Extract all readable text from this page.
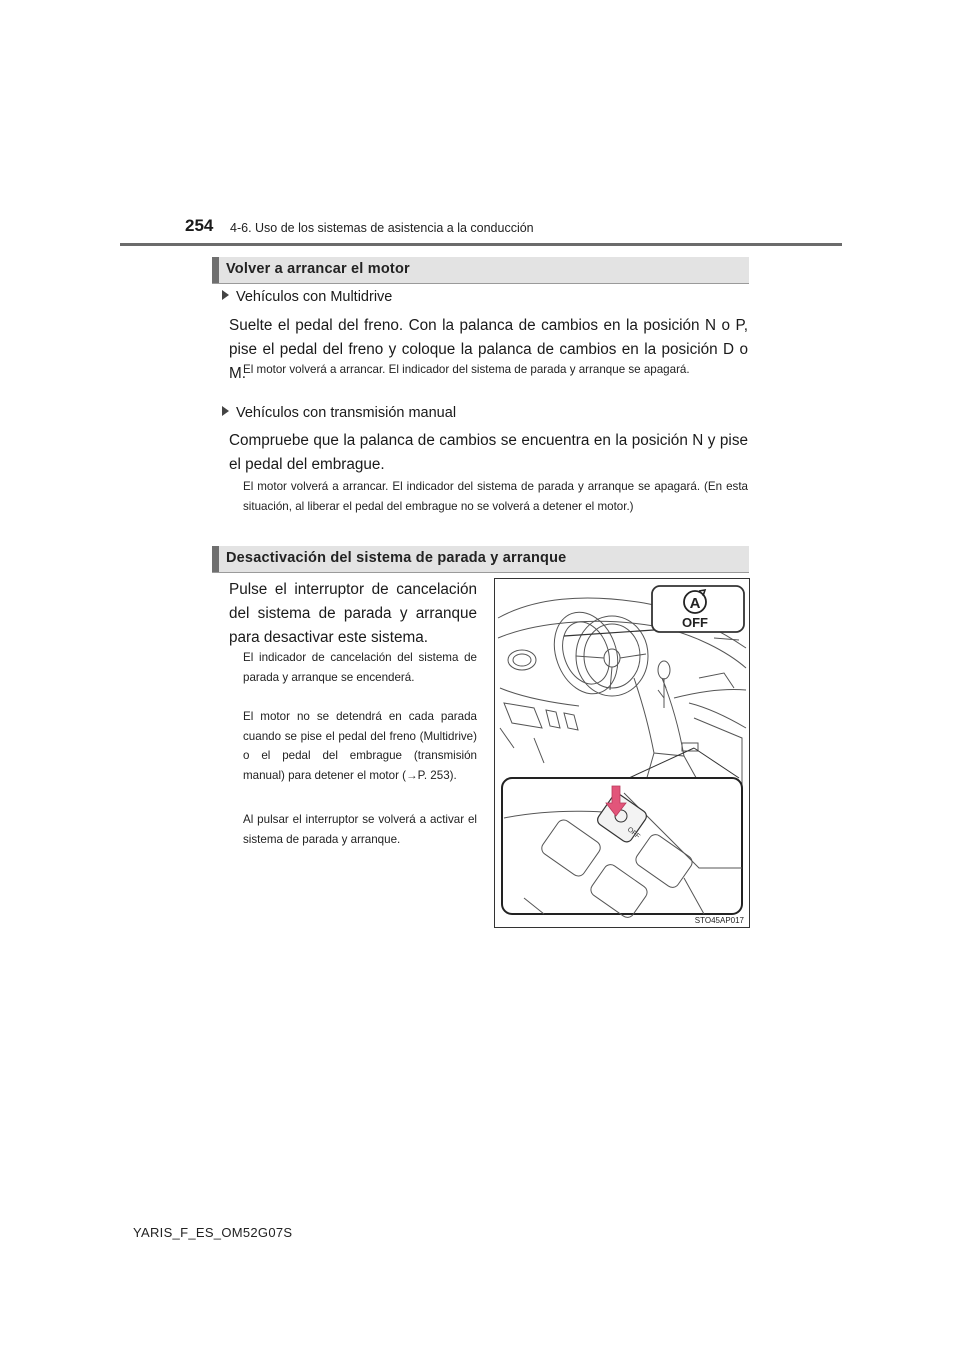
254 4-6. Uso de los sistemas de asistencia a la conducción
Volver a arrancar el motor
Vehículos con Multidrive
Suelte el pedal del freno. Con la palanca de cambios en la posición N o P, pise el pedal del freno y coloque la palanca de cambios en la posición D o M.
El motor volverá a arrancar. El indicador del sistema de parada y arranque se apagará.
Vehículos con transmisión manual
Compruebe que la palanca de cambios se encuentra en la posición N y pise el pedal del embrague.
El motor volverá a arrancar. El indicador del sistema de parada y arranque se apagará. (En esta situación, al liberar el pedal del embrague no se volverá a detener el motor.)
Desactivación del sistema de parada y arranque
Pulse el interruptor de cancelación del sistema de parada y arranque para desactivar este sistema.
El indicador de cancelación del sistema de parada y arranque se encenderá.
El motor no se detendrá en cada parada cuando se pise el pedal del freno (Multidrive) o el pedal del embrague (transmisión manual) para detener el motor (→P. 253).
Al pulsar el interruptor se volverá a activar el sistema de parada y arranque.
A
OFF
OFF
STO45AP017
YARIS_F_ES_OM52G07S
